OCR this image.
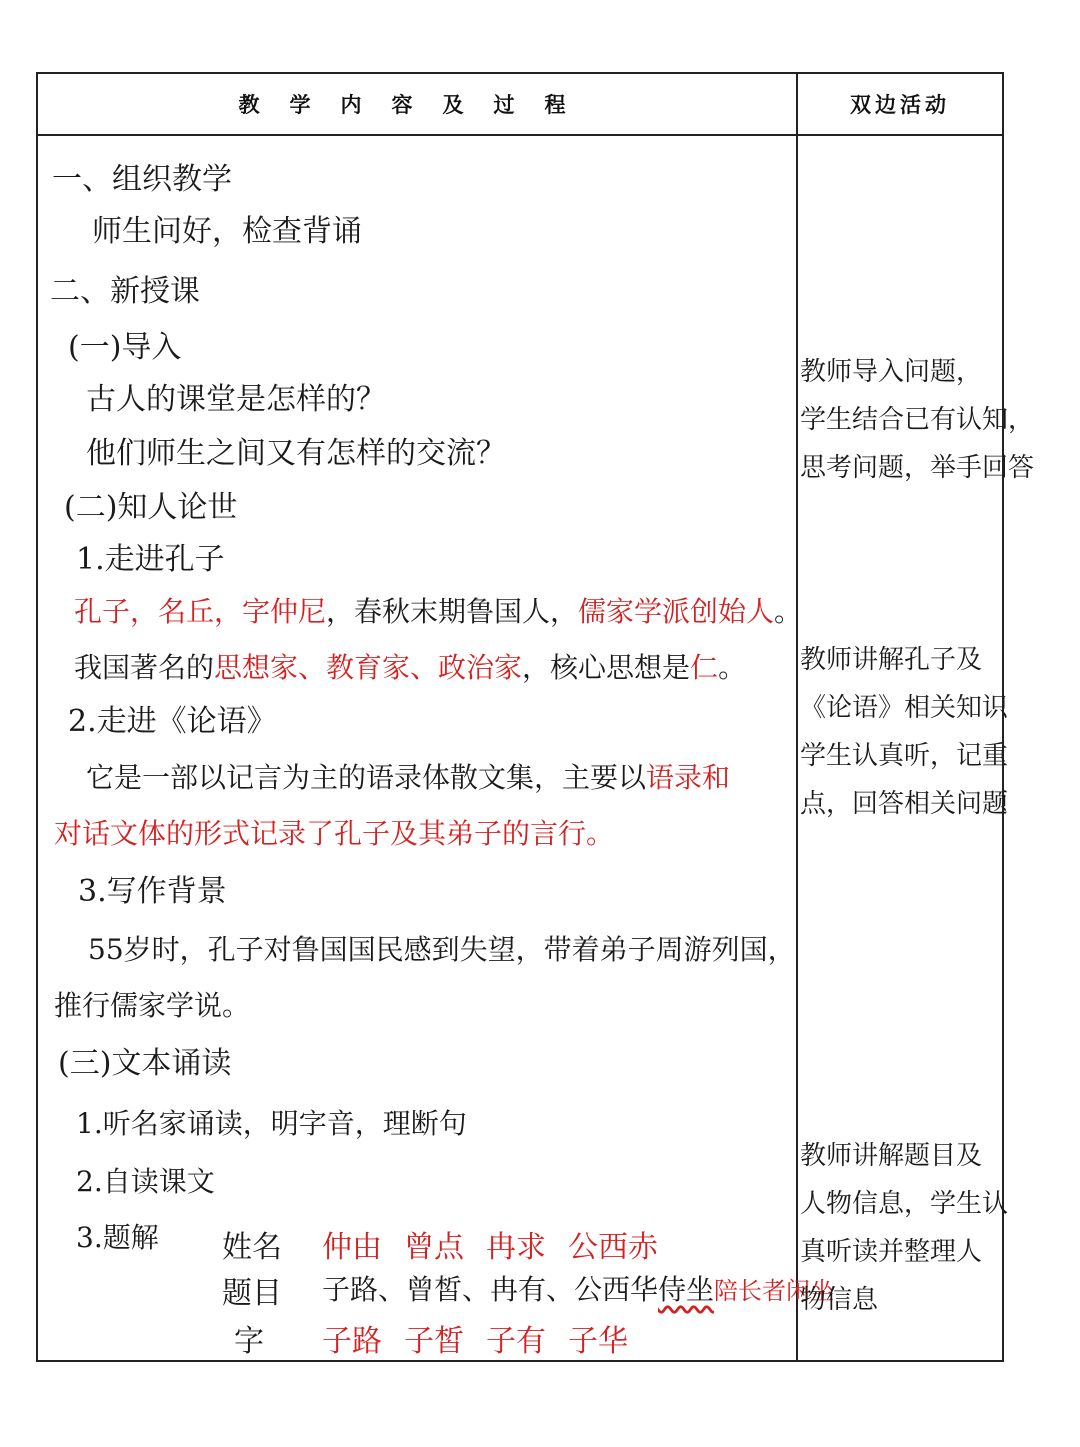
教学内容及过程	双边活动
一、组织教学
师生问好，检查背诵
二、新授课
(一)导入
古人的课堂是怎样的？
他们师生之间又有怎样的交流？
(二)知人论世
1.走进孔子
孔子，名丘，字仲尼，春秋末期鲁国人，儒家学派创始人。
我国著名的思想家、教育家、政治家，核心思想是仁。
2.走进《论语》
它是一部以记言为主的语录体散文集，主要以语录和
对话文体的形式记录了孔子及其弟子的言行。
3.写作背景
55岁时，孔子对鲁国国民感到失望，带着弟子周游列国，
推行儒家学说。
(三)文本诵读
1.听名家诵读，明字音，理断句
2.自读课文
3.题解 姓名 仲由 曾点 冉求 公西赤
题目 子路、曾皙、冉有、公西华侍坐陪长者闲坐
字 子路 子皙 子有 子华
教师导入问题，
学生结合已有认知，
思考问题，举手回答
教师讲解孔子及
《论语》相关知识
学生认真听，记重
点，回答相关问题
教师讲解题目及
人物信息，学生认
真听读并整理人
物信息
